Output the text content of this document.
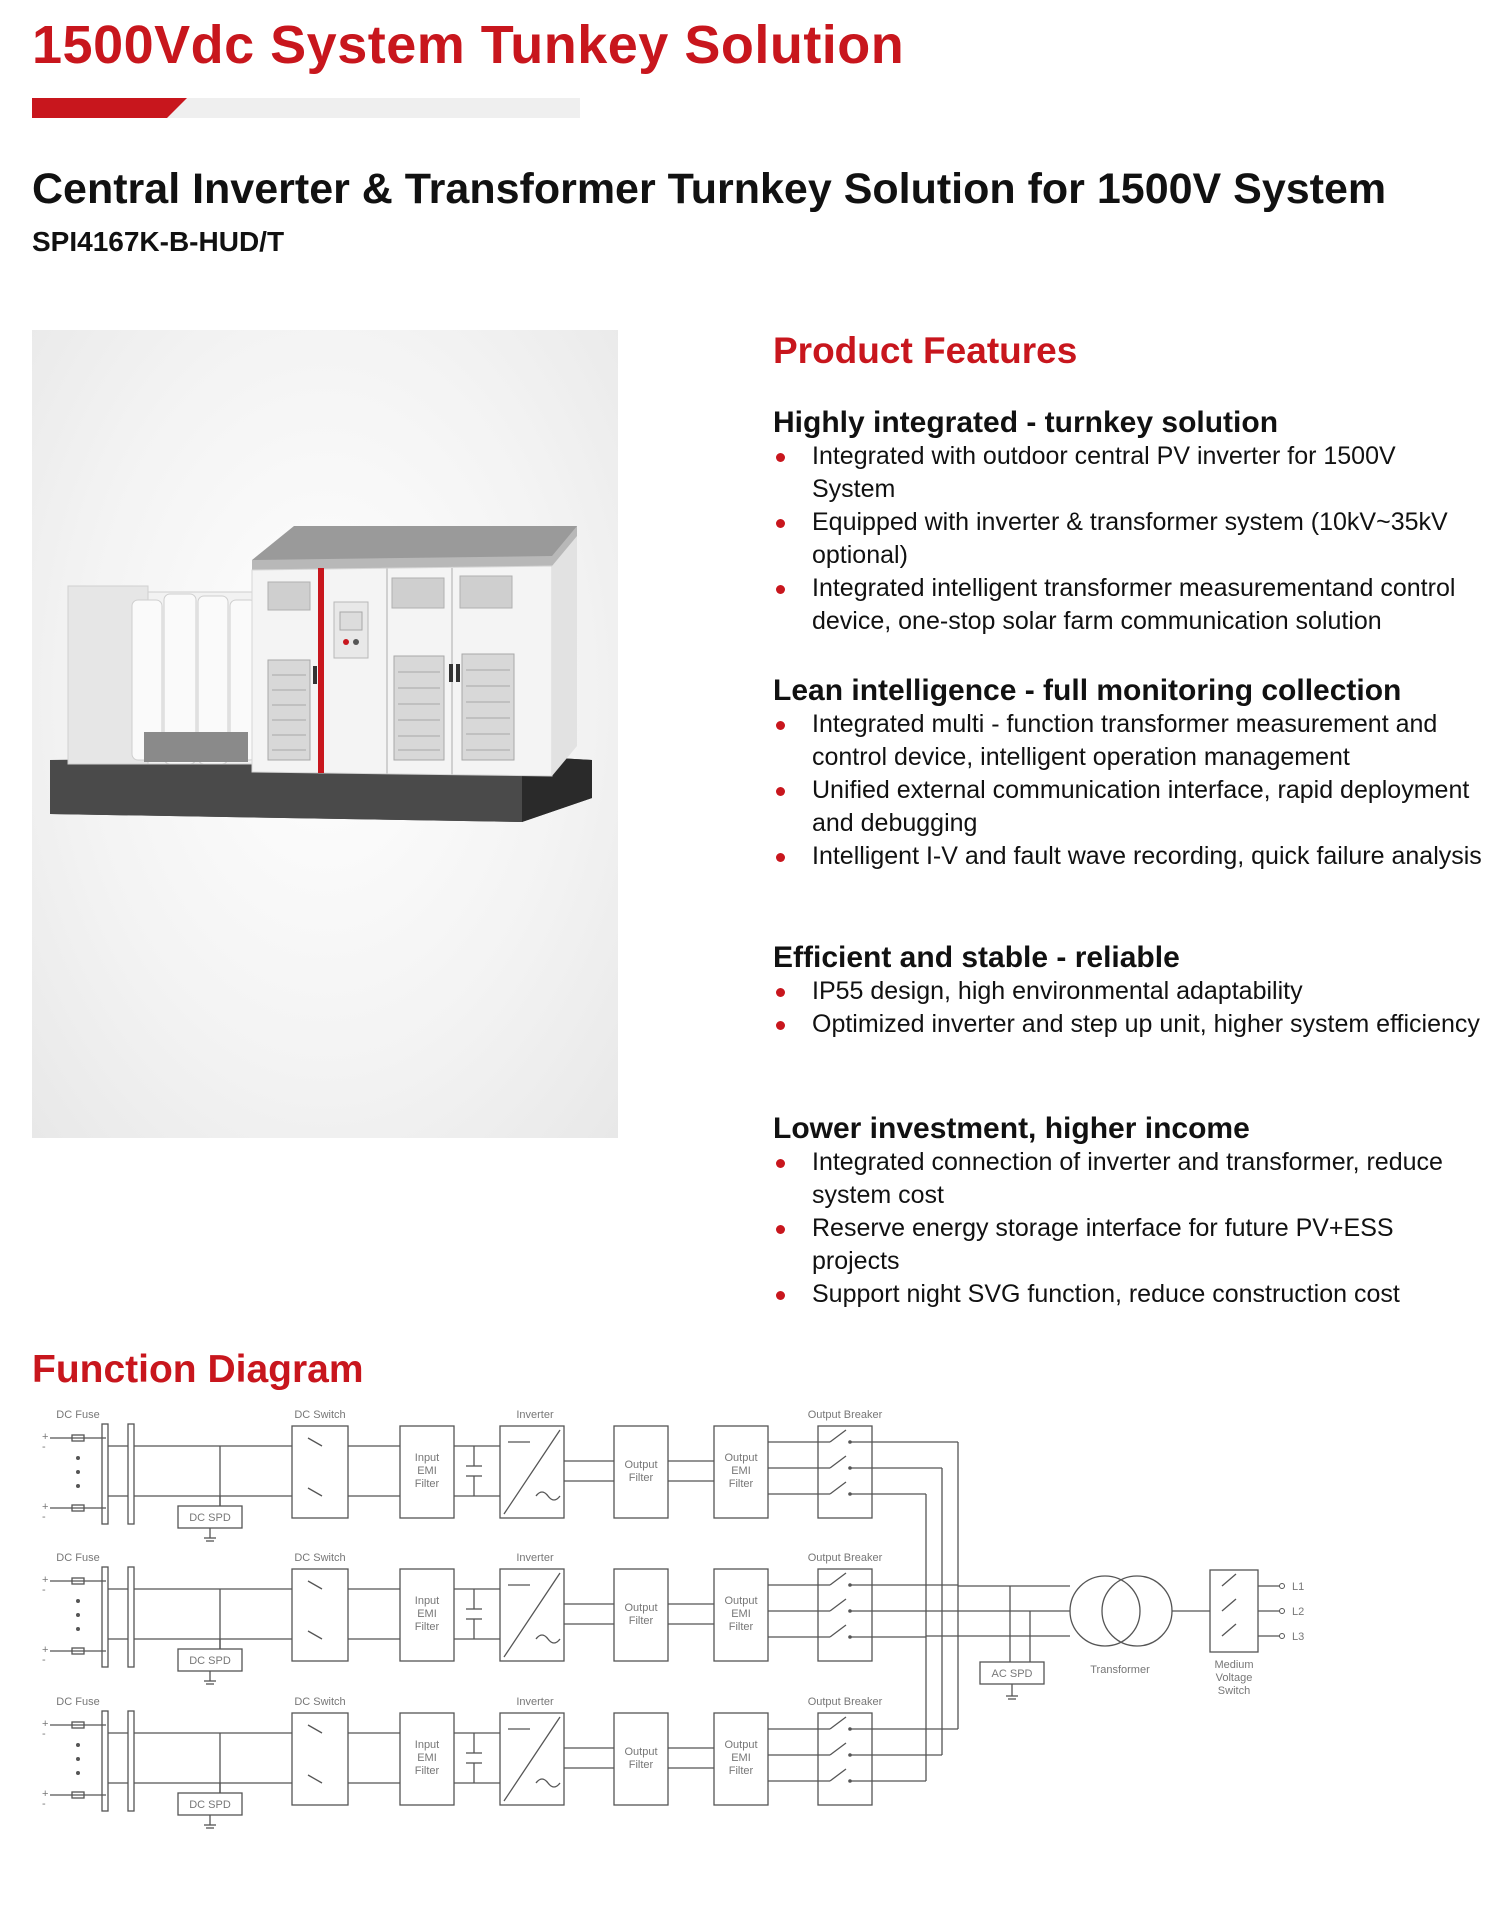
1500Vdc System Tunkey Solution
Central Inverter & Transformer Turnkey Solution for 1500V System
SPI4167K-B-HUD/T
Product Features
Highly integrated - turnkey solution
Integrated with outdoor central PV inverter for 1500V System
Equipped with inverter & transformer system (10kV~35kV optional)
Integrated intelligent transformer measurementand control device, one-stop solar farm communication solution
Lean intelligence - full monitoring collection
Integrated multi - function transformer measurement and control device, intelligent operation management
Unified external communication interface, rapid deployment and debugging
Intelligent I-V and fault wave recording, quick failure analysis
Efficient and stable - reliable
IP55 design, high environmental adaptability
Optimized inverter and step up unit, higher system efficiency
Lower investment, higher income
Integrated connection of inverter and transformer, reduce system cost
Reserve energy storage interface for future PV+ESS projects
Support night SVG function, reduce construction cost
Function Diagram
DC Fuse	DC Switch	Inverter	Output Breaker
+
-
+
-	DC SPD
Input
EMI
Filter
Output
Filter
Output
EMI
Filter
DC Fuse	DC Switch	Inverter	Output Breaker
+
-
+
-	DC SPD
Input
EMI
Filter
Output
Filter
Output
EMI
Filter
DC Fuse	DC Switch	Inverter	Output Breaker
+
-
+
-	DC SPD
Input
EMI
Filter
Output
Filter
Output
EMI
Filter
AC SPD	Transformer
L1
L2
L3
Medium
Voltage
Switch
